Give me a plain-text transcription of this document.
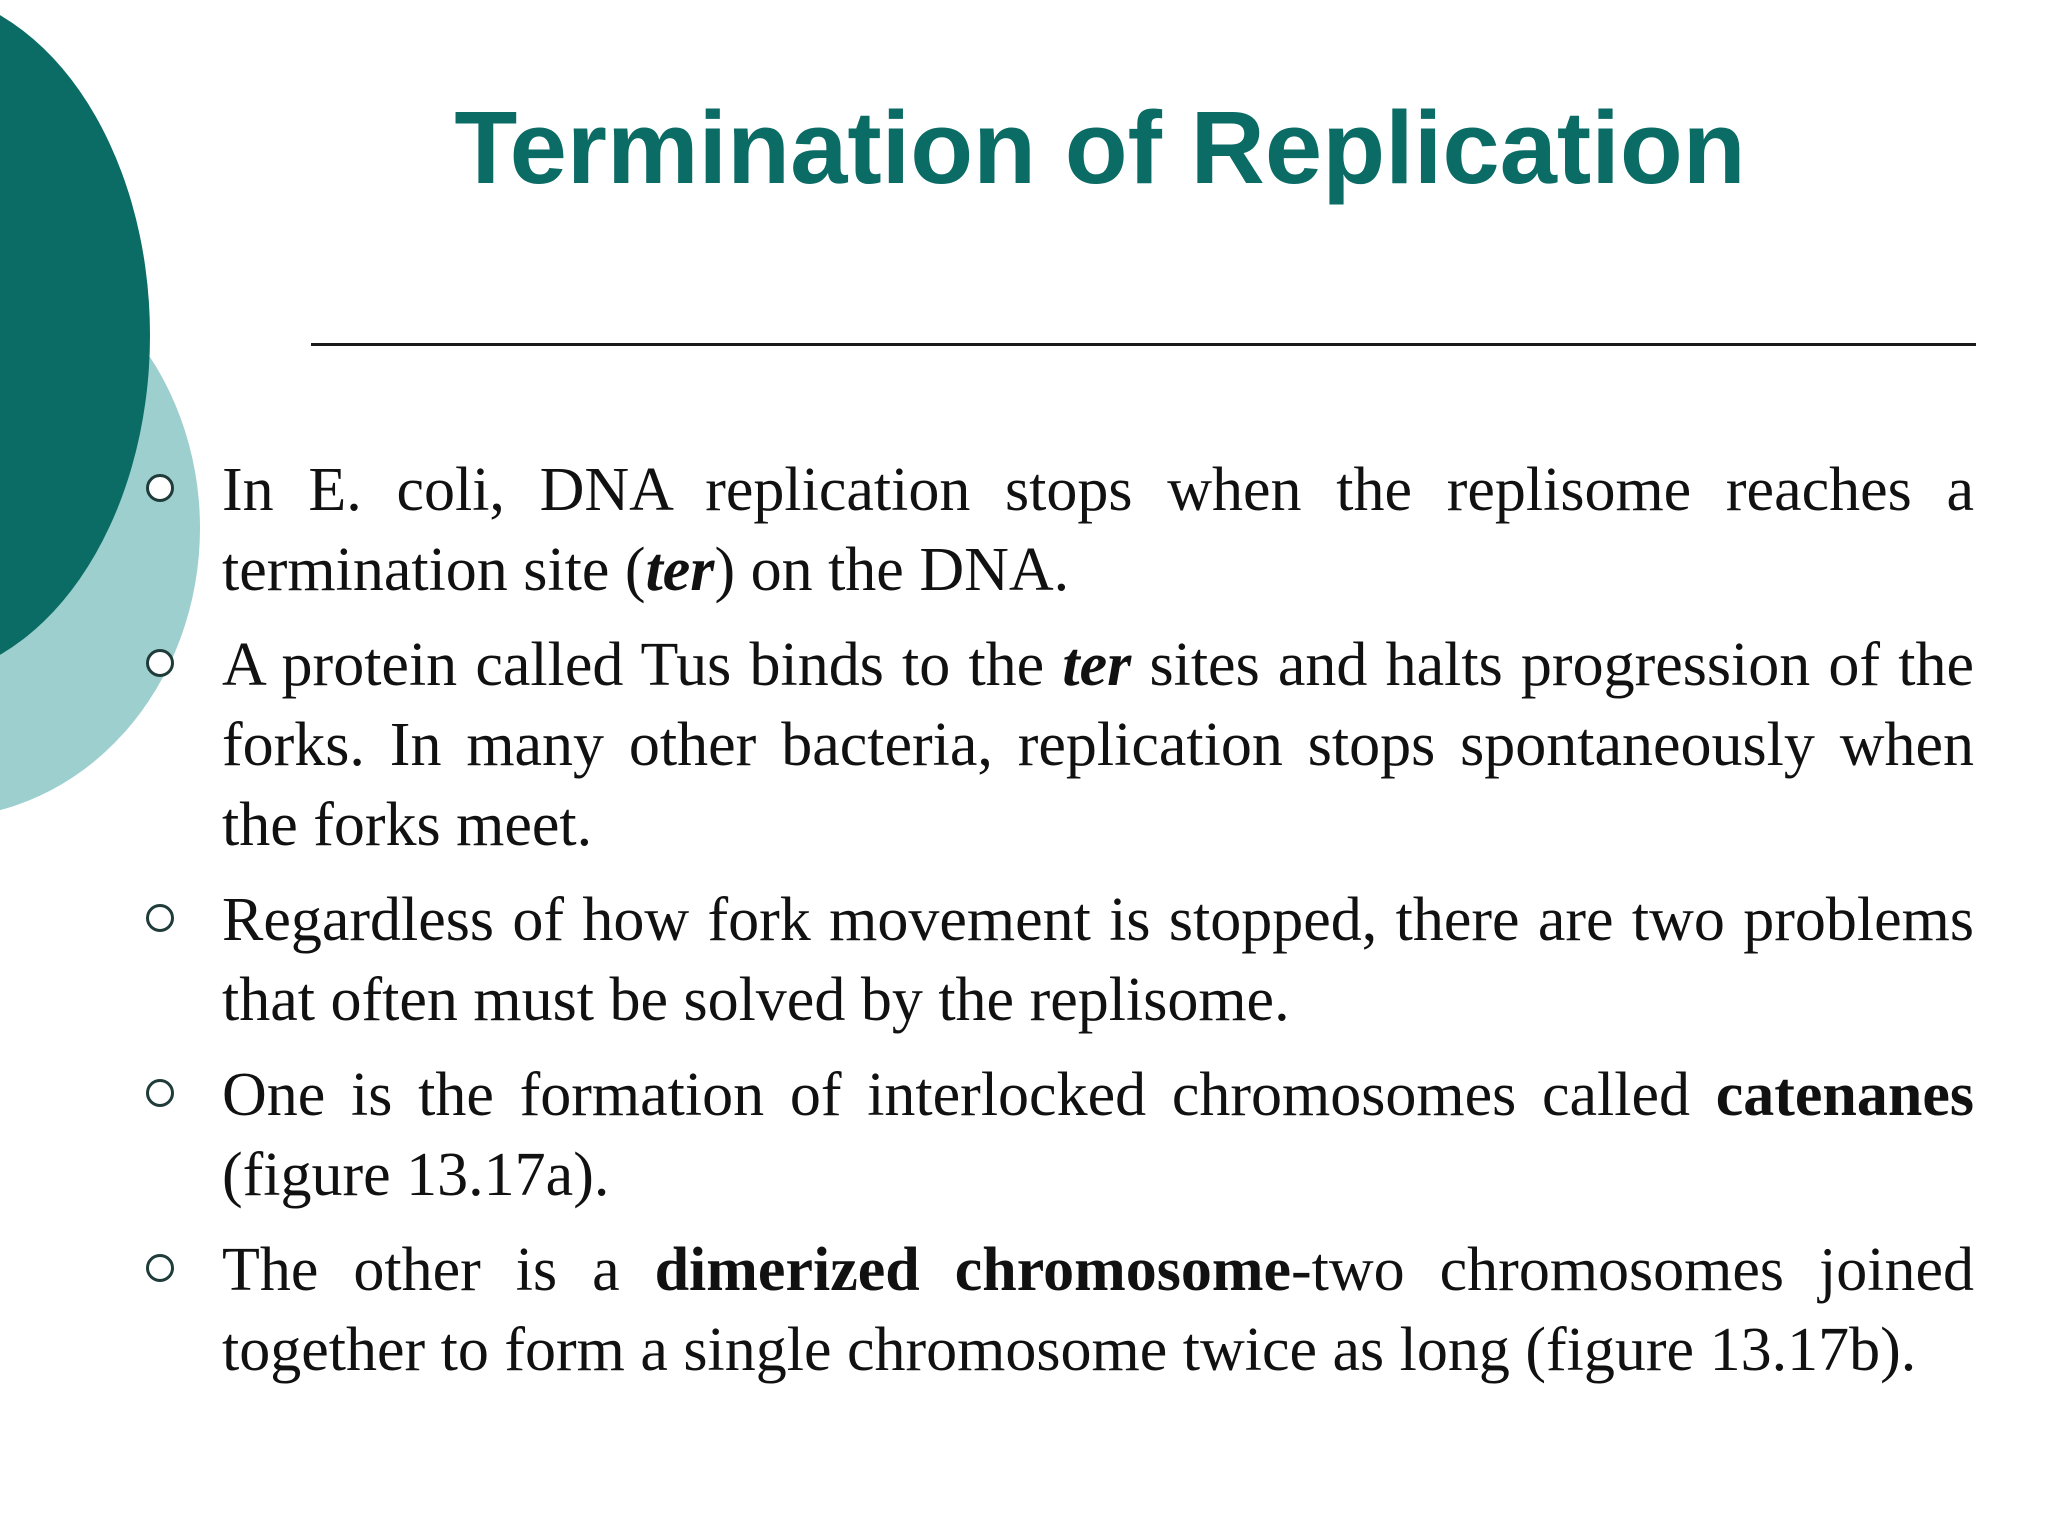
Termination of Replication
In E. coli, DNA replication stops when the replisome reaches a termination site (ter) on the DNA.
A protein called Tus binds to the ter sites and halts progression of the forks. In many other bacteria, replication stops spontaneously when the forks meet.
Regardless of how fork movement is stopped, there are two problems that often must be solved by the replisome.
One is the formation of interlocked chromosomes called catenanes (figure 13.17a).
The other is a dimerized chromosome-two chromosomes joined together to form a single chromosome twice as long (figure 13.17b).
